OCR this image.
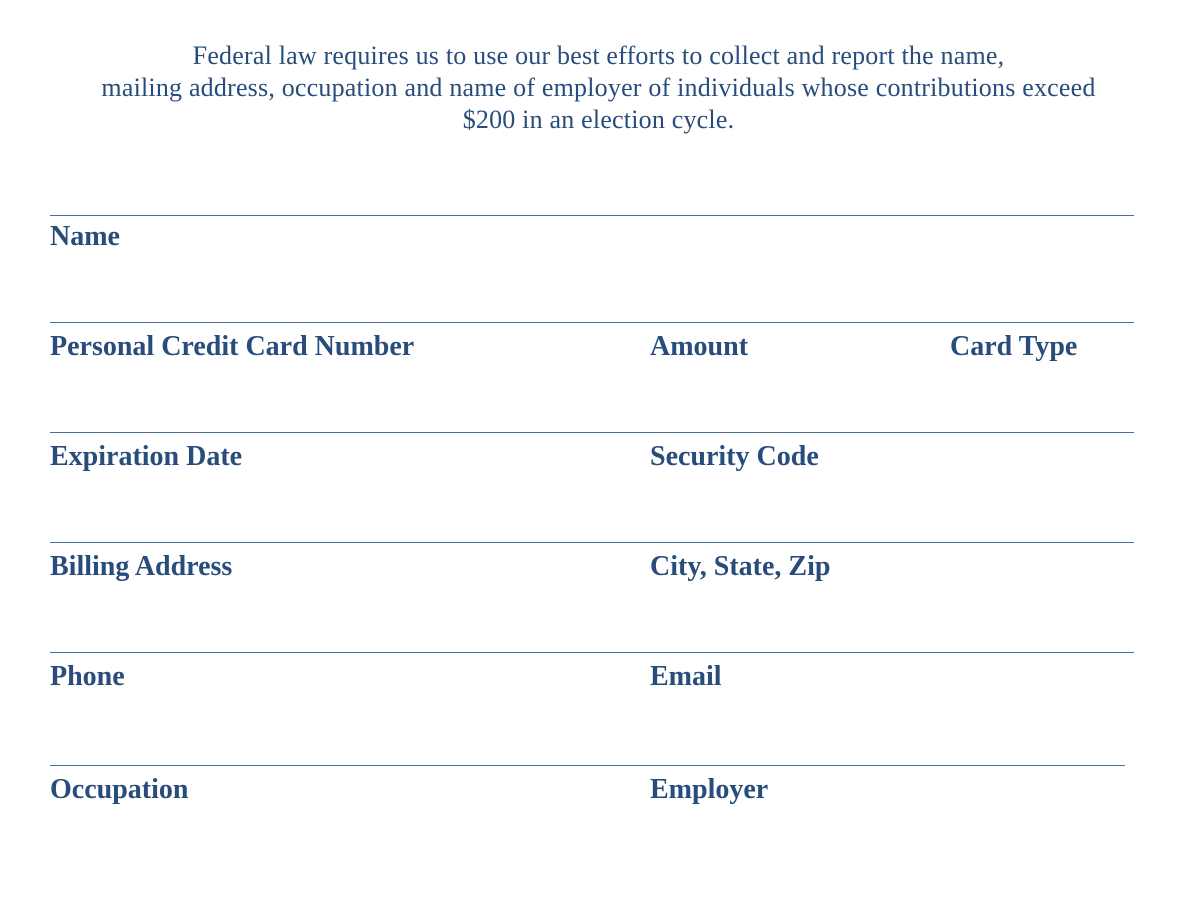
Federal law requires us to use our best efforts to collect and report the name,
mailing address, occupation and name of employer of individuals whose contributions exceed
$200 in an election cycle.
Name
Personal Credit Card Number	Amount	Card Type
Expiration Date	Security Code
Billing Address	City, State, Zip
Phone	Email
Occupation	Employer
